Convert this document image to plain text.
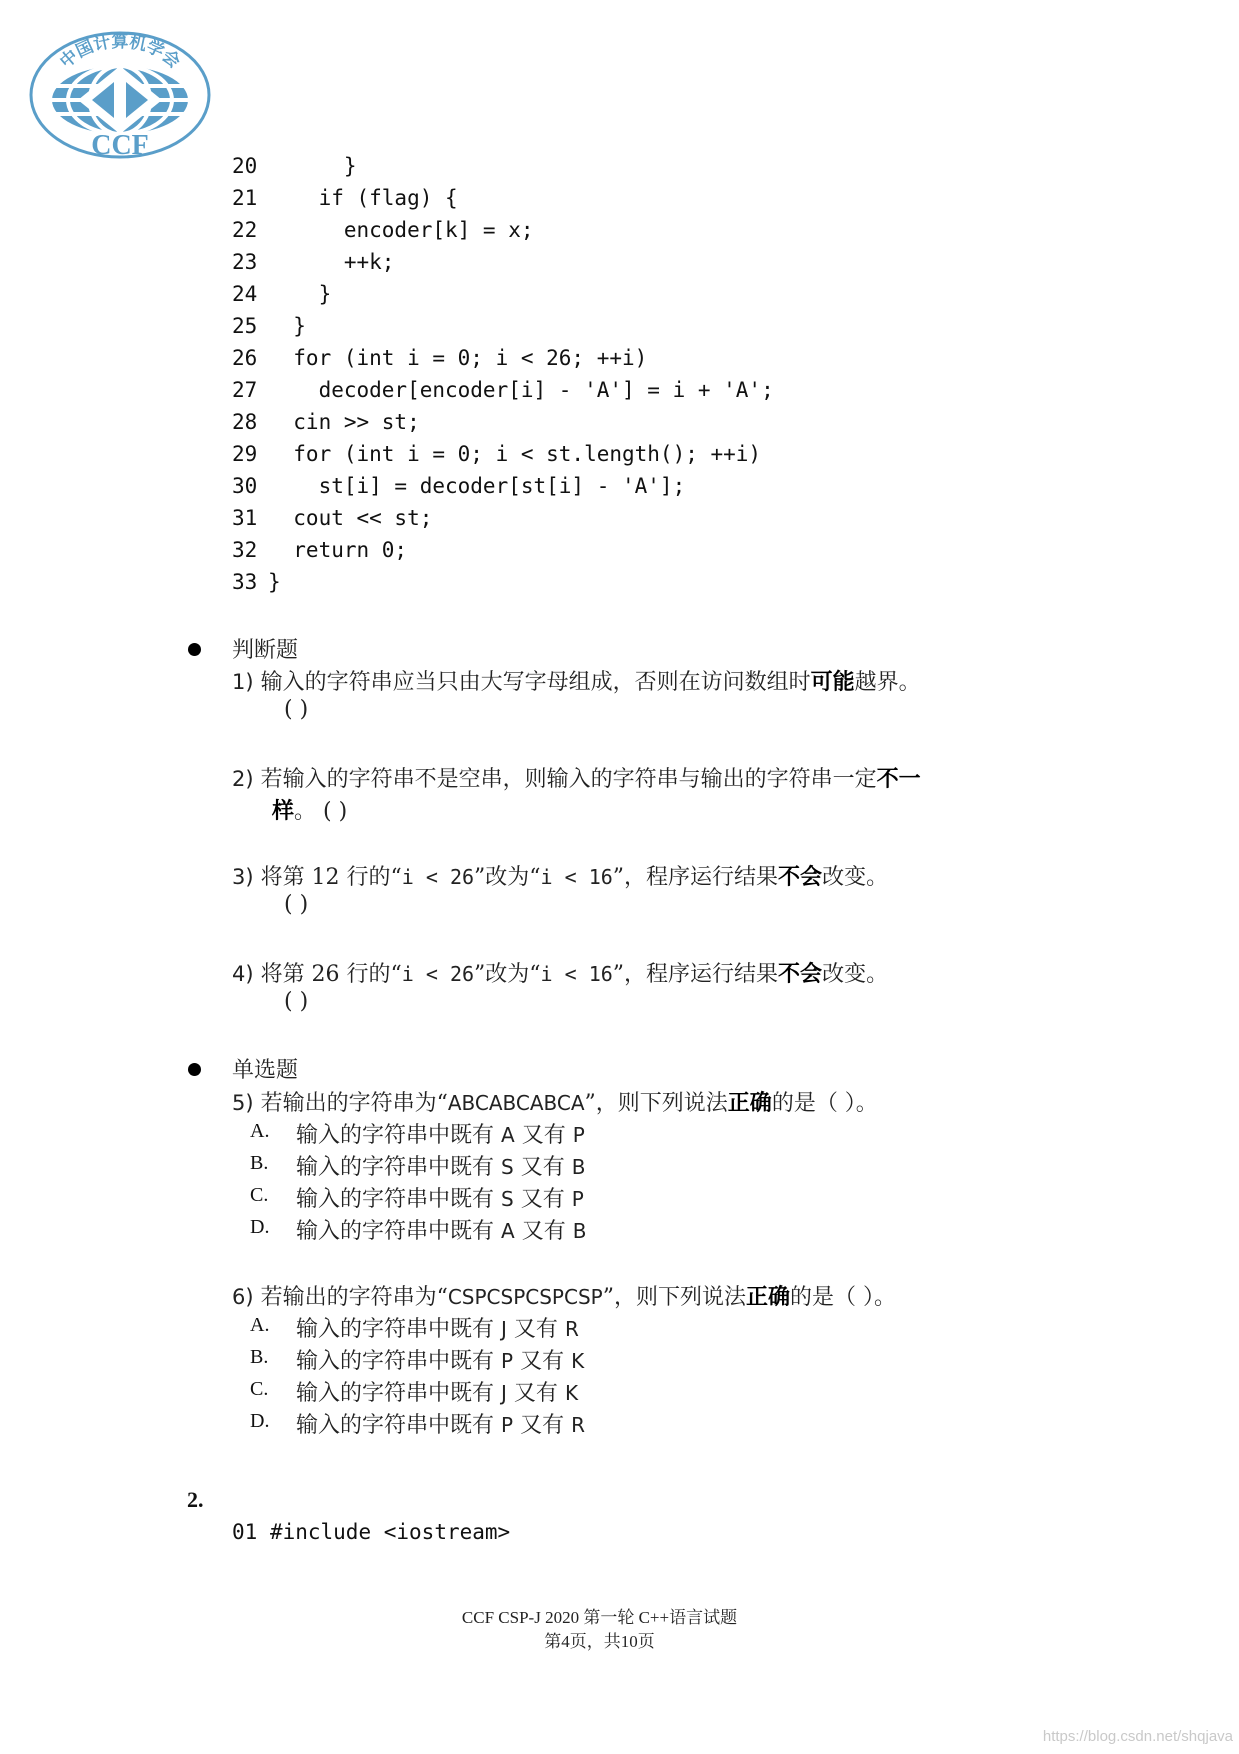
中国计算机学会
CCF

20      }

21    if (flag) {

22      encoder[k] = x;

23      ++k;

24    }

25  }

26  for (int i = 0; i < 26; ++i)

27    decoder[encoder[i] - 'A'] = i + 'A';

28  cin >> st;

29  for (int i = 0; i < st.length(); ++i)

30    st[i] = decoder[st[i] - 'A'];

31  cout << st;

32  return 0;

33 }

判断题
1) 输入的字符串应当只由大写字母组成，否则在访问数组时可能越界。
( )
2) 若输入的字符串不是空串，则输入的字符串与输出的字符串一定不一
样。 ( )
3) 将第 12 行的“i < 26”改为“i < 16”，程序运行结果不会改变。
( )
4) 将第 26 行的“i < 26”改为“i < 16”，程序运行结果不会改变。
( )
单选题
5) 若输出的字符串为“ABCABCABCA”，则下列说法正确的是（ ）。
A. 输入的字符串中既有 A 又有 P
B. 输入的字符串中既有 S 又有 B
C. 输入的字符串中既有 S 又有 P
D. 输入的字符串中既有 A 又有 B
6) 若输出的字符串为“CSPCSPCSPCSP”，则下列说法正确的是（ ）。
A. 输入的字符串中既有 J 又有 R
B. 输入的字符串中既有 P 又有 K
C. 输入的字符串中既有 J 又有 K
D. 输入的字符串中既有 P 又有 R
2.

01 #include <iostream>

CCF CSP-J 2020 第一轮 C++语言试题
第4页，共10页
https://blog.csdn.net/shqjava
